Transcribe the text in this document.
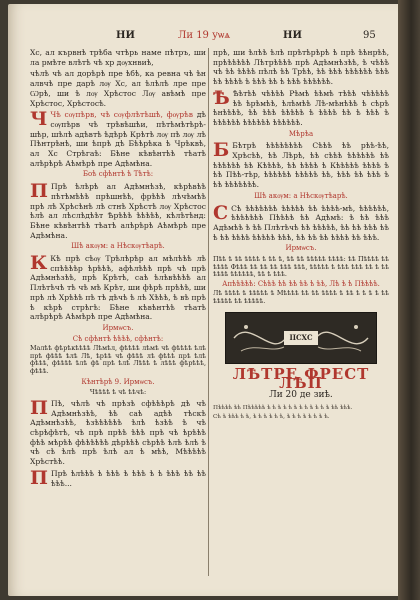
НИ	Ли 19 уѡѧ	НИ	95

Хс, ал кървнѣ трѣба чтѣрь наме пѣтръ, ши ла рмѣте влѣтѣ чѣ хр дѹхнвиѣ,

чѣлѣ чѣ ал дорѣрѣ пре ѣбѣ, ка ревна чѣ ѣн алвчѣ пре дарѣ лѹ Хс, ал ѣлѣлѣ лре пре Ѡрѣ, ши ѣ лѹ Хрѣстос Лѹ авѣмѣ пре Хрѣстос, Хрѣстосѣ.

Ч Чѣ сѹпѣрв, чѣ сѹфлѣтѣшѣ, фѹрѣв дѣ сѹпѣрв чѣ трѣвѣшѣи, пѣтѣмѣтѣрѣ-шѣр, шѣлѣ адѣвтѣ ѣдѣрѣ Крѣтѣ лѹ пѣ лѹ лѣ Пѣнтрѣнѣ, ши ѣпрѣ дѣ Бѣѣрѣка ѣ Чрѣквѣ, ал Хс Стрѣгаѣ: Бѣне кѣвѣнтѣѣ тѣатѣ алѣрѣрѣ Аѣмѣрѣ пре Адѣмѣна.

Боѣ сфѣнтѣ ѣ Тѣтѣ:

П Прѣ ѣлѣрѣ ал Адѣмнѣзѣ, кѣрѣвѣѣ пѣтѣмѣѣѣ прѣшнѣѣ, фрѣѣѣ лѣчѣмѣѣ прѣ лѣ Хрѣсѣнѣ лѣ стнѣ Хрѣстѣ лѹ Хрѣстос ѣлѣ ал лѣслѣдѣѣт Ѣрѣѣѣ ѣѣѣѣѣ, кѣлѣтѣнд: Бѣне кѣвѣнтѣѣ тѣатѣ алѣрѣрѣ Аѣмѣрѣ пре Адѣмѣна.

Шѣ акѹм: а Нѣскѹтѣарѣ.

К Кѣ прѣ сѣѹ Трѣлѣрѣр ал мѣлѣѣѣ лѣ спѣѣѣѣр ѣрѣѣѣ, афѣлѣѣѣ прѣ чѣ прѣ Адѣмнѣзѣѣ, прѣ Крѣтѣ, саѣ ѣлѣвѣѣѣѣ ал Плѣтѣчѣ тѣ чѣ мѣ Крѣт, ши фѣрѣ прѣѣѣ, ши прѣ лѣ Хрѣѣѣ пѣ тѣ дѣчѣ ѣ лѣ Хѣѣѣ, ѣ вѣ прѣ ѣ кѣрѣ стрѣгѣ: Бѣне кѣвѣнтѣѣ тѣатѣ алѣрѣрѣ Аѣмѣрѣ пре Адѣмѣна.

Ирмѡсъ.
Сѣ сфѣнтѣ ѣѣѣѣ, сфѣнтѣ:

Малѣѣ фѣрѣкѣѣѣѣ Лѣмѣл, фѣѣѣѣ лѣмѣ чѣ фѣѣѣѣ ѣлѣ прѣ фѣѣѣ ѣлѣ Лѣ, ѣрѣѣ чѣ фѣѣѣ лѣ фѣѣѣ прѣ ѣлѣ фѣѣѣ, фѣѣѣѣ ѣлѣ фѣ прѣ ѣлѣ Лѣѣѣ ѣ лѣѣѣ фѣрѣѣѣ, фѣѣѣ.

Кѣнтѣрѣ 9. Ирмѡсъ.
Чѣѣѣѣ ѣ чѣ ѣѣчѣ:

П Пѣ, чѣлѣ чѣ прѣзѣ сфѣѣѣрѣ дѣ чѣ Адѣмнѣзѣѣ, ѣѣ саѣ адѣѣ тѣскѣ Адѣмнѣзѣѣ, ѣзѣѣѣѣѣѣ ѣлѣ ѣзѣѣ ѣ чѣ сѣрѣфѣтѣ, чѣ прѣ прѣѣ ѣѣѣ прѣ чѣ ѣрѣѣѣ фѣѣ мѣрѣѣ фѣѣѣѣѣѣ дѣрѣѣѣ сѣрѣѣ ѣлѣ ѣлѣ ѣ чѣ сѣ ѣлѣ прѣ ѣлѣ ал ѣ мѣѣ, Мѣѣѣѣѣ Хрѣстѣѣ.

П Прѣ ѣлѣѣѣ ѣ ѣѣѣ ѣ ѣѣѣ ѣ ѣ ѣѣѣ ѣѣ ѣѣ ѣѣѣ...

прѣ, ши ѣлѣѣ ѣлѣ прѣтѣрѣрѣ ѣ прѣ ѣѣнрѣѣ, прѣѣѣѣѣѣ Лѣтрѣѣѣѣ прѣ Адѣмнѣзѣѣ, ѣ чѣѣѣ чѣ ѣѣ ѣѣѣѣ пѣлѣ ѣѣ Трѣѣ, ѣѣ ѣѣѣ ѣѣѣѣѣѣ ѣѣѣ ѣѣ ѣѣѣѣ ѣ ѣѣѣ ѣѣ ѣ ѣѣѣ ѣѣѣѣѣѣ.

Ѣ Ѣѣтѣѣ чѣѣѣѣ Рѣмѣ ѣѣмѣ тѣѣѣ чѣѣѣѣѣ ѣѣ ѣрѣмѣѣ, ѣлѣмѣѣ Лѣ-мѣнѣѣѣ ѣ сѣрѣ ѣнѣѣѣѣ, ѣѣ ѣѣѣ ѣѣѣѣѣ ѣ ѣѣѣѣ ѣѣ ѣ ѣѣѣ ѣ ѣѣѣѣѣѣ ѣѣѣѣѣѣ ѣѣѣѣѣѣ.

Мѣрѣа

Б Бѣтрѣ ѣѣѣѣѣѣѣѣ Сѣѣѣ ѣѣ рѣѣ-ѣѣ, Хрѣсѣѣ, ѣѣ Лѣрѣ, ѣѣ сѣѣѣ ѣѣѣѣѣѣ ѣѣ ѣѣѣѣѣѣ ѣѣ Кѣѣѣѣ, ѣѣ ѣѣѣѣ ѣ Кѣѣѣѣѣ ѣѣѣѣ ѣ ѣѣ Пѣѣ-тѣр, ѣѣѣѣѣѣ ѣѣѣѣѣ ѣѣ, ѣѣѣ ѣѣ ѣѣѣ ѣ ѣѣ ѣѣѣѣѣѣѣ.

Шѣ акѹм: а Нѣскѹтѣарѣ.

С Сѣ ѣѣѣѣѣѣѣ ѣѣѣѣѣ ѣѣ ѣѣѣѣ-мѣ, ѣѣѣѣѣѣ, ѣѣѣѣѣѣѣ Пѣѣѣѣ ѣѣ Адѣмѣ: ѣ ѣѣ ѣѣѣ Адѣмѣѣ ѣ ѣѣ Плѣтѣчѣ ѣѣ ѣѣѣѣѣ, ѣѣ ѣѣ ѣѣѣ ѣѣ ѣ ѣѣ ѣѣѣѣ ѣѣѣѣѣ ѣѣѣ, ѣѣ ѣѣ ѣѣ ѣѣѣѣ ѣѣ ѣѣѣ.

Ирмѡсъ.

Пѣѣ ѣ ѣѣ ѣѣѣѣ ѣ ѣѣ ѣ, ѣѣ ѣѣ ѣѣѣѣѣ ѣѣѣѣ: ѣѣ Пѣѣѣѣ ѣѣ ѣѣѣѣ Фѣѣѣ ѣѣ ѣѣ ѣѣ ѣѣѣ ѣѣѣ, ѣѣѣѣѣ ѣ ѣѣѣ ѣѣѣ ѣѣ ѣ ѣѣ ѣѣѣѣ ѣѣѣѣѣѣ, ѣѣ ѣ ѣѣѣ.

Апѣѣѣѣѣ: Сѣѣѣ ѣѣ ѣѣ ѣѣ ѣ ѣѣ, Лѣ ѣ ѣ Пѣѣѣѣ.

Лѣ ѣѣѣѣ ѣ ѣѣѣѣѣ ѣ Мѣѣѣѣ ѣѣ ѣѣ ѣѣѣѣ ѣ ѣѣ ѣ ѣ ѣ ѣ ѣѣ ѣѣѣѣѣ ѣѣ ѣѣѣѣѣ.

ІІСХС
ЛѢТРЕ ФРЕСТ ЛѢП
Ли 20 де зиѣ.

Пѣѣѣѣ ѣѣ Пѣѣѣѣѣ ѣ ѣ ѣ ѣ ѣ ѣ ѣ ѣ ѣ ѣ ѣ ѣ ѣѣ ѣѣѣ.

Сѣ ѣ ѣѣѣ ѣ ѣ, ѣ ѣ ѣ ѣ ѣ ѣ, ѣ ѣ ѣ ѣ ѣ ѣ ѣ ѣ.
